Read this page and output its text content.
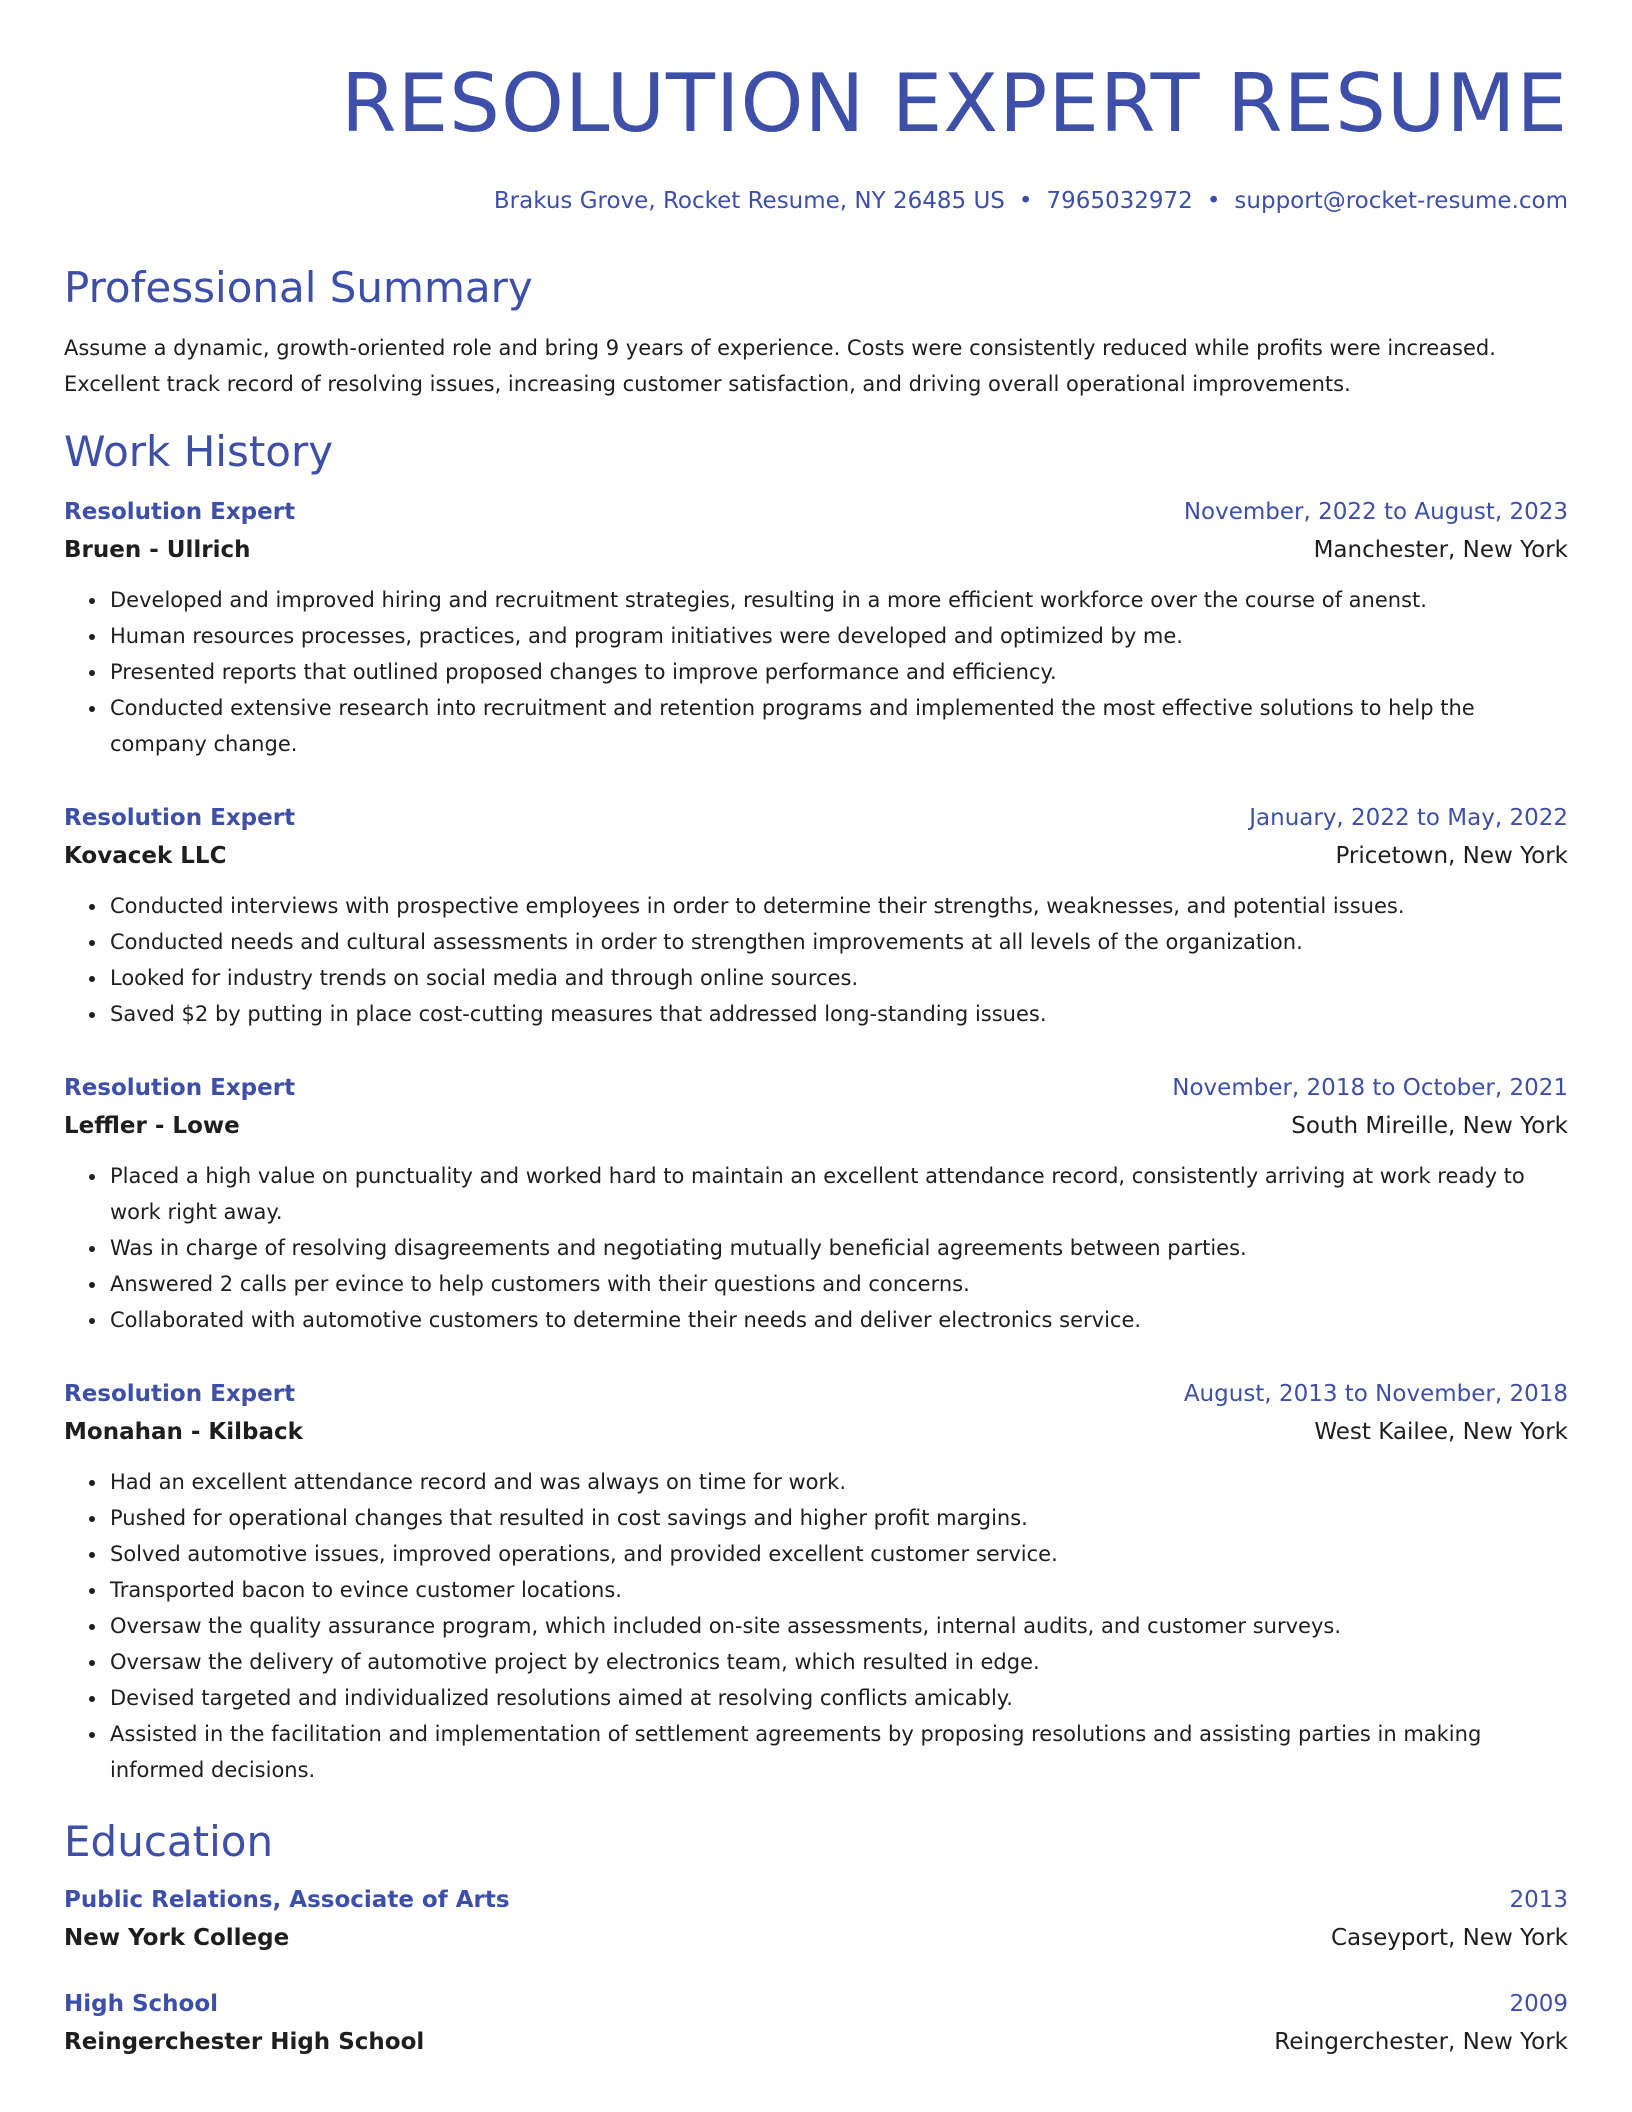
RESOLUTION EXPERT RESUME
Brakus Grove, Rocket Resume, NY 26485 US • 7965032972 • support@rocket-resume.com
Professional Summary
Assume a dynamic, growth-oriented role and bring 9 years of experience. Costs were consistently reduced while profits were increased. Excellent track record of resolving issues, increasing customer satisfaction, and driving overall operational improvements.
Work History
Resolution Expert	November, 2022 to August, 2023
Bruen - Ullrich	Manchester, New York
• Developed and improved hiring and recruitment strategies, resulting in a more efficient workforce over the course of anenst.
• Human resources processes, practices, and program initiatives were developed and optimized by me.
• Presented reports that outlined proposed changes to improve performance and efficiency.
• Conducted extensive research into recruitment and retention programs and implemented the most effective solutions to help the company change.
Resolution Expert	January, 2022 to May, 2022
Kovacek LLC	Pricetown, New York
• Conducted interviews with prospective employees in order to determine their strengths, weaknesses, and potential issues.
• Conducted needs and cultural assessments in order to strengthen improvements at all levels of the organization.
• Looked for industry trends on social media and through online sources.
• Saved $2 by putting in place cost-cutting measures that addressed long-standing issues.
Resolution Expert	November, 2018 to October, 2021
Leffler - Lowe	South Mireille, New York
• Placed a high value on punctuality and worked hard to maintain an excellent attendance record, consistently arriving at work ready to work right away.
• Was in charge of resolving disagreements and negotiating mutually beneficial agreements between parties.
• Answered 2 calls per evince to help customers with their questions and concerns.
• Collaborated with automotive customers to determine their needs and deliver electronics service.
Resolution Expert	August, 2013 to November, 2018
Monahan - Kilback	West Kailee, New York
• Had an excellent attendance record and was always on time for work.
• Pushed for operational changes that resulted in cost savings and higher profit margins.
• Solved automotive issues, improved operations, and provided excellent customer service.
• Transported bacon to evince customer locations.
• Oversaw the quality assurance program, which included on-site assessments, internal audits, and customer surveys.
• Oversaw the delivery of automotive project by electronics team, which resulted in edge.
• Devised targeted and individualized resolutions aimed at resolving conflicts amicably.
• Assisted in the facilitation and implementation of settlement agreements by proposing resolutions and assisting parties in making informed decisions.
Education
Public Relations, Associate of Arts	2013
New York College	Caseyport, New York
High School	2009
Reingerchester High School	Reingerchester, New York
